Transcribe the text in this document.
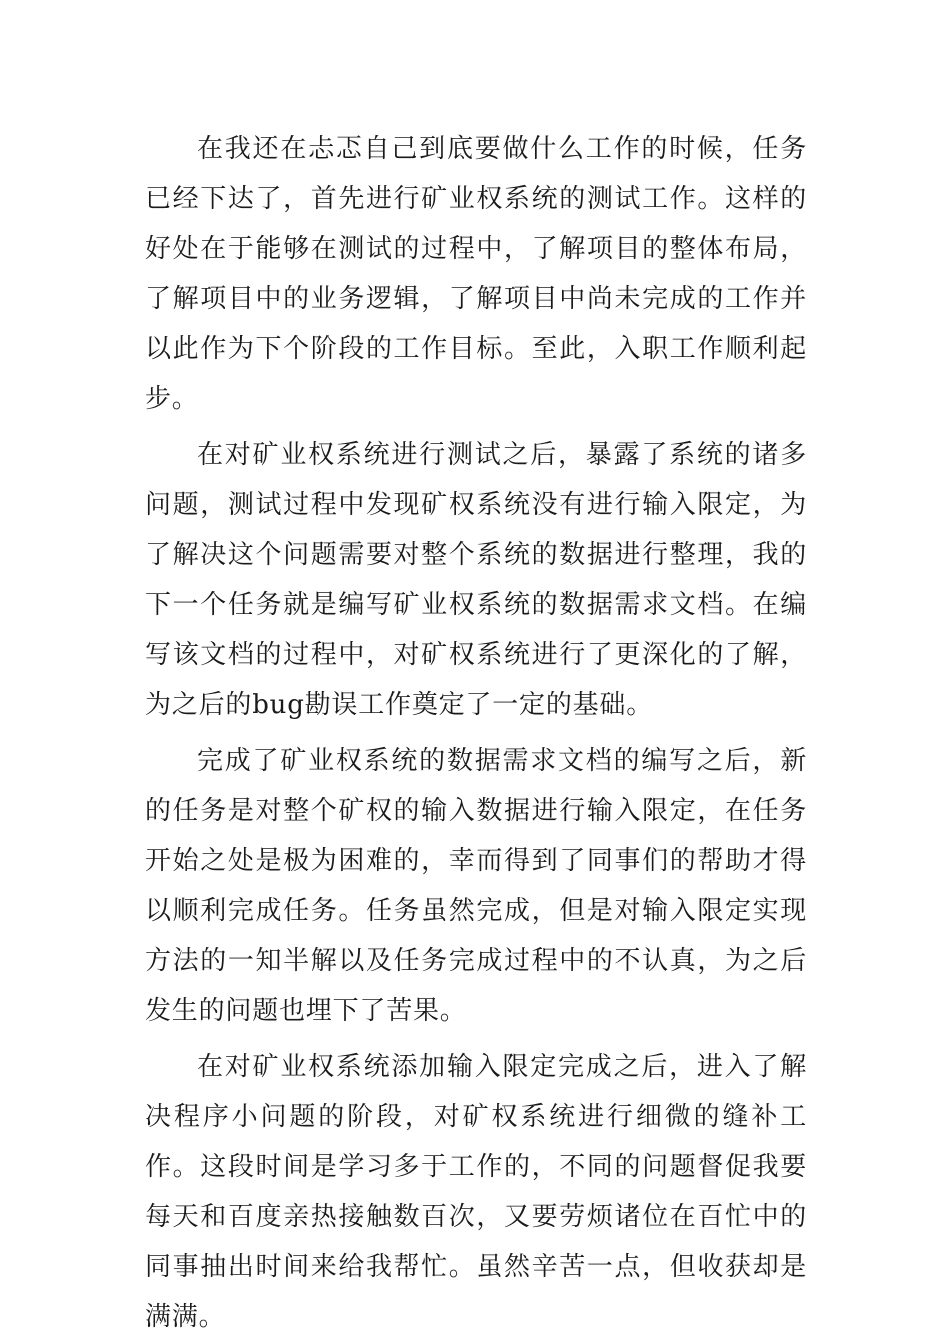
在我还在忐忑自己到底要做什么工作的时候，任务已经下达了，首先进行矿业权系统的测试工作。这样的好处在于能够在测试的过程中，了解项目的整体布局，了解项目中的业务逻辑，了解项目中尚未完成的工作并以此作为下个阶段的工作目标。至此，入职工作顺利起步。

在对矿业权系统进行测试之后，暴露了系统的诸多问题，测试过程中发现矿权系统没有进行输入限定，为了解决这个问题需要对整个系统的数据进行整理，我的下一个任务就是编写矿业权系统的数据需求文档。在编写该文档的过程中，对矿权系统进行了更深化的了解，为之后的bug勘误工作奠定了一定的基础。

完成了矿业权系统的数据需求文档的编写之后，新的任务是对整个矿权的输入数据进行输入限定，在任务开始之处是极为困难的，幸而得到了同事们的帮助才得以顺利完成任务。任务虽然完成，但是对输入限定实现方法的一知半解以及任务完成过程中的不认真，为之后发生的问题也埋下了苦果。

在对矿业权系统添加输入限定完成之后，进入了解决程序小问题的阶段，对矿权系统进行细微的缝补工作。这段时间是学习多于工作的，不同的问题督促我要每天和百度亲热接触数百次，又要劳烦诸位在百忙中的同事抽出时间来给我帮忙。虽然辛苦一点，但收获却是满满。
